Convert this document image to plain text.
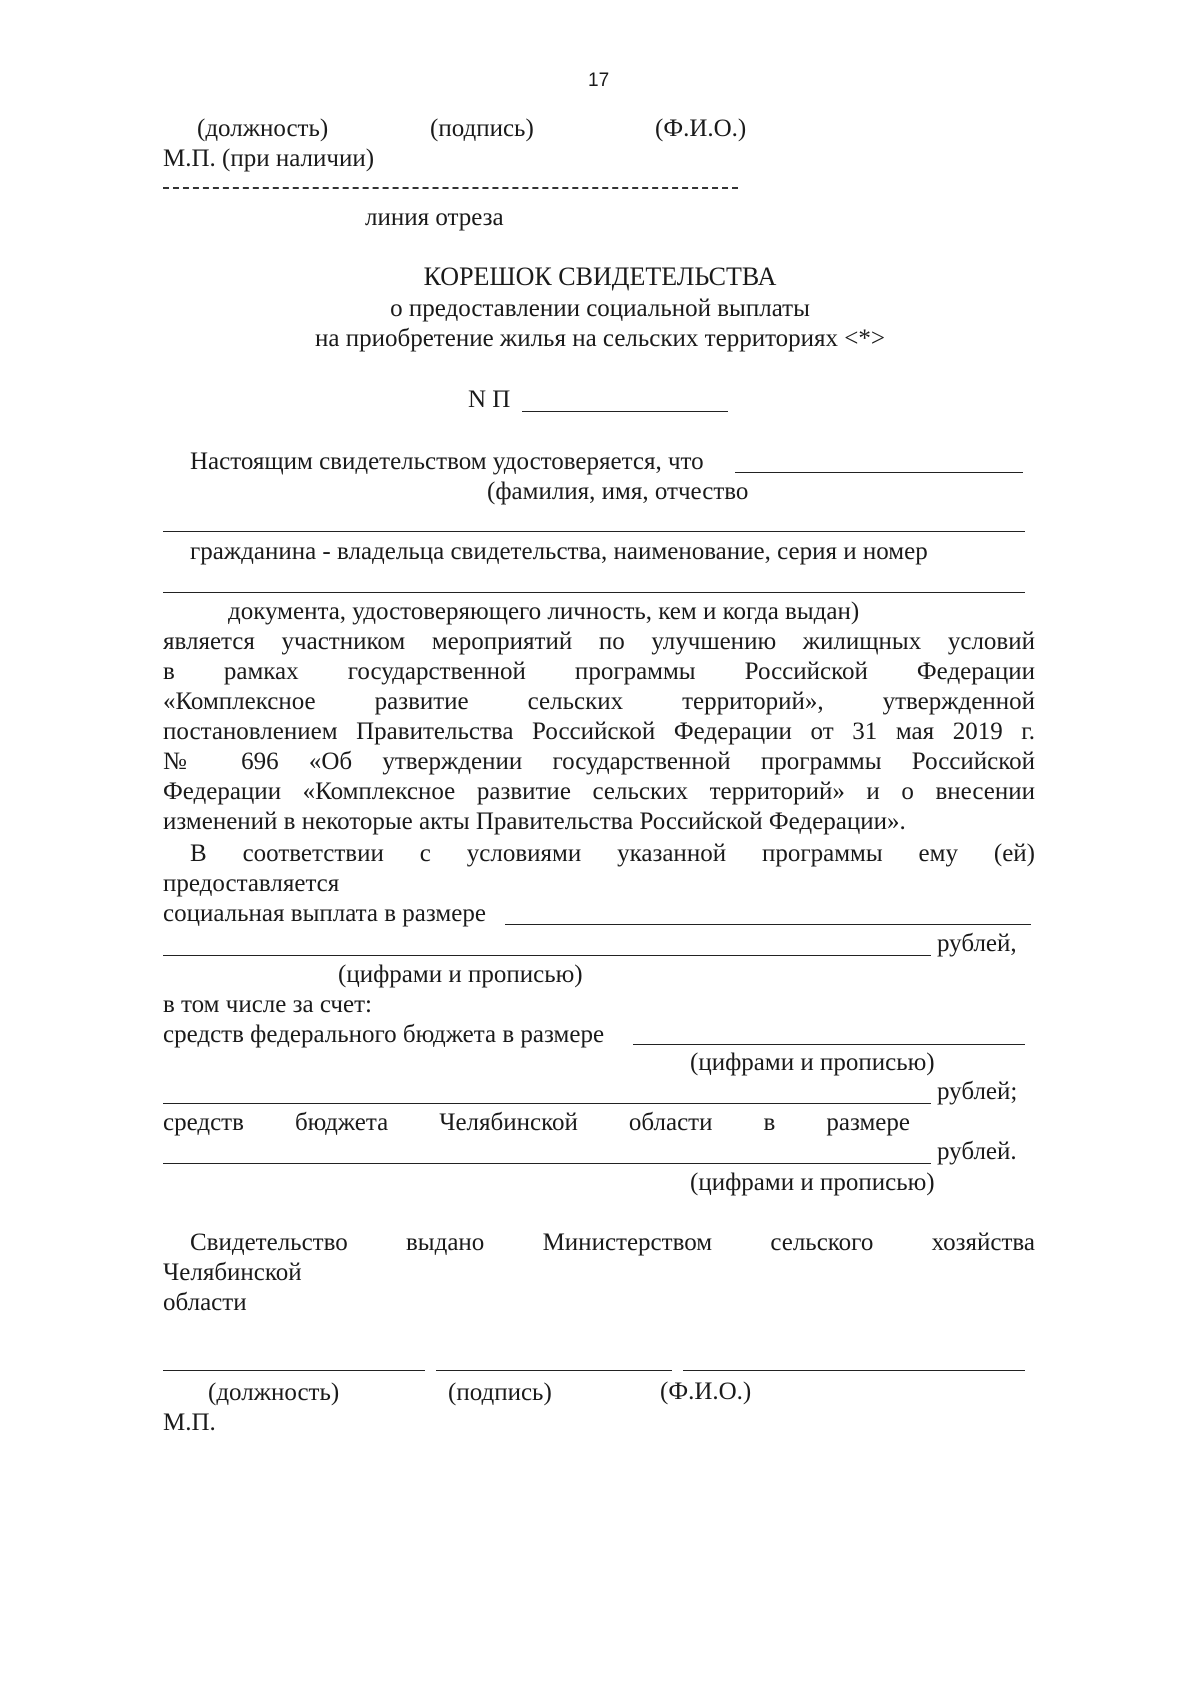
17
(должность)	(подпись)	(Ф.И.О.)
М.П. (при наличии)
линия отреза
КОРЕШОК СВИДЕТЕЛЬСТВА
о предоставлении социальной выплаты
на приобретение жилья на сельских территориях <*>
N П
Настоящим свидетельством удостоверяется, что
(фамилия, имя, отчество
гражданина - владельца свидетельства, наименование, серия и номер
документа, удостоверяющего личность, кем и когда выдан)
является участником мероприятий по улучшению жилищных условий
в рамках государственной программы Российской Федерации
«Комплексное развитие сельских территорий», утвержденной
постановлением Правительства Российской Федерации от 31 мая 2019 г.
№ 696 «Об утверждении государственной программы Российской
Федерации «Комплексное развитие сельских территорий» и о внесении
изменений в некоторые акты Правительства Российской Федерации».
В соответствии с условиями указанной программы ему (ей)
предоставляется
социальная выплата в размере
рублей,
(цифрами и прописью)
в том числе за счет:
средств федерального бюджета в размере
(цифрами и прописью)
рублей;
средств бюджета Челябинской области в размере
рублей.
(цифрами и прописью)
Свидетельство выдано Министерством сельского хозяйства
Челябинской
области
(должность)	(подпись)	(Ф.И.О.)
М.П.
